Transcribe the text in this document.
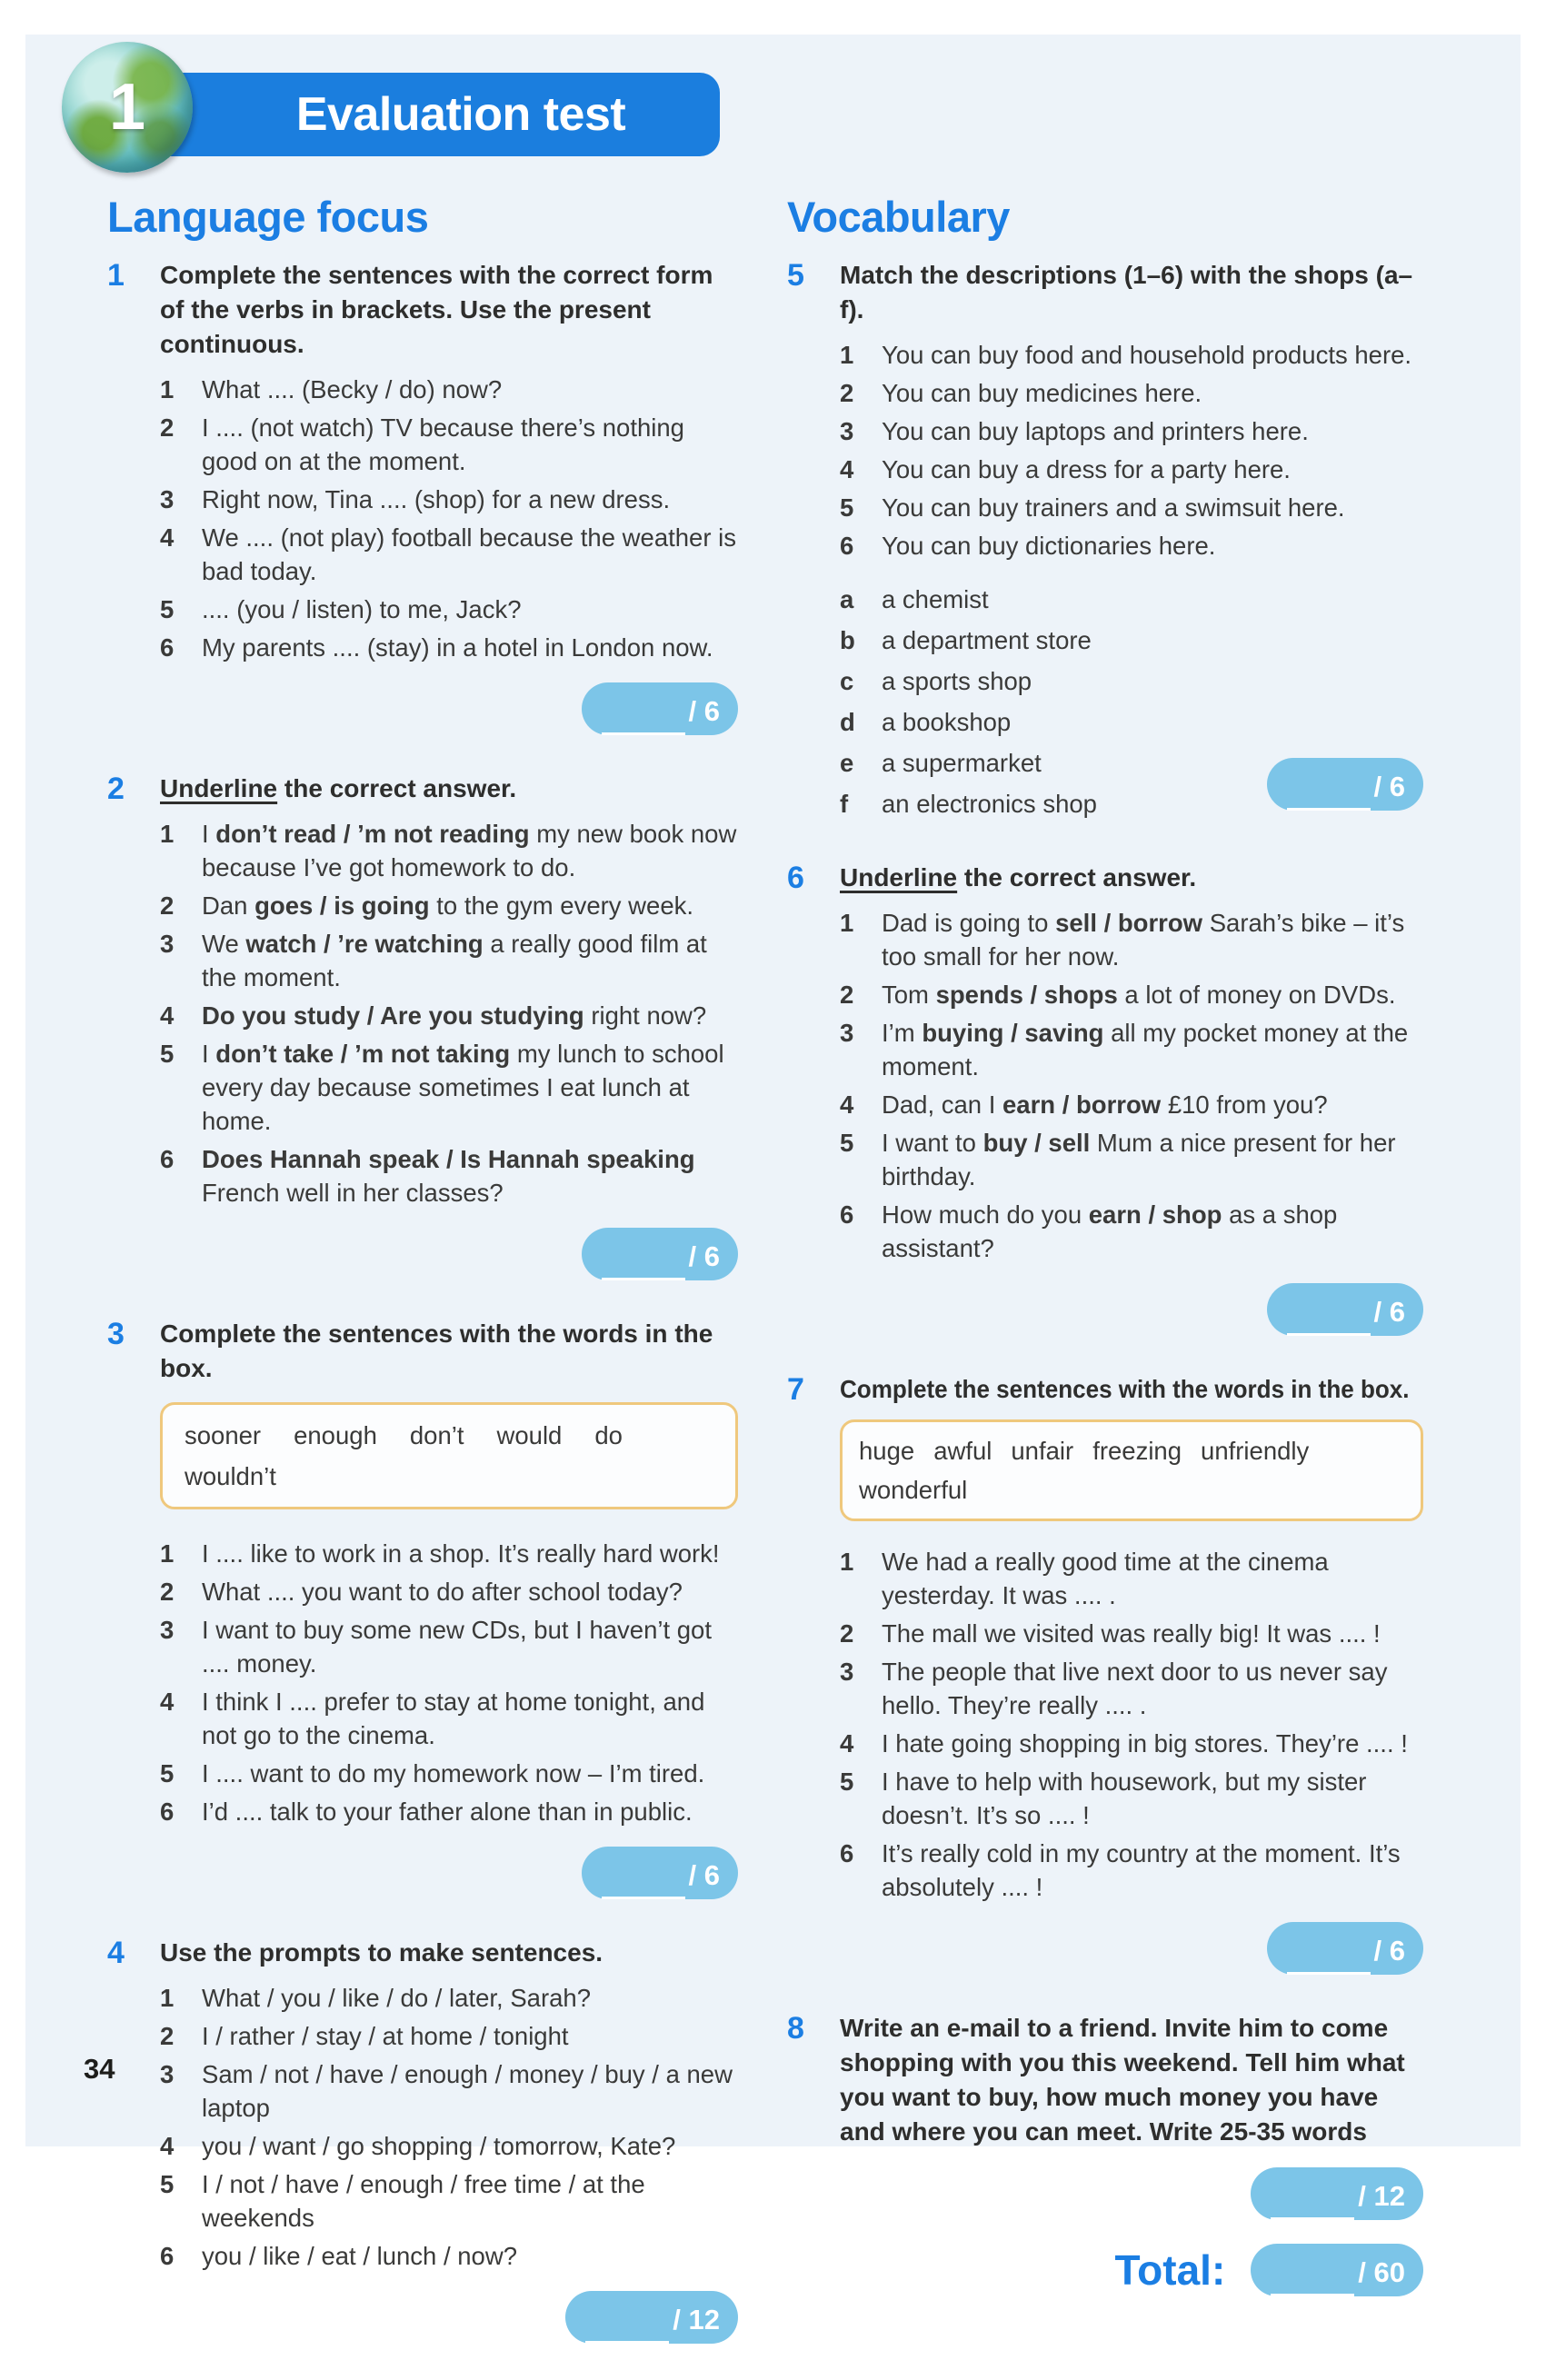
Evaluation test
1
Language focus
1	Complete the sentences with the correct form of the verbs in brackets. Use the present continuous.

1	What .... (Becky / do) now?
2	I .... (not watch) TV because there’s nothing good on at the moment.
3	Right now, Tina .... (shop) for a new dress.
4	We .... (not play) football because the weather is bad today.
5	.... (you / listen) to me, Jack?
6	My parents .... (stay) in a hotel in London now.
/ 6
2	Underline the correct answer.

1	I don’t read / ’m not reading my new book now because I’ve got homework to do.
2	Dan goes / is going to the gym every week.
3	We watch / ’re watching a really good film at the moment.
4	Do you study / Are you studying right now?
5	I don’t take / ’m not taking my lunch to school every day because sometimes I eat lunch at home.
6	Does Hannah speak / Is Hannah speaking French well in her classes?
/ 6
3	Complete the sentences with the words in the box.

sooner enough don’t would do
wouldn’t
1	I .... like to work in a shop. It’s really hard work!
2	What .... you want to do after school today?
3	I want to buy some new CDs, but I haven’t got .... money.
4	I think I .... prefer to stay at home tonight, and not go to the cinema.
5	I .... want to do my homework now – I’m tired.
6	I’d .... talk to your father alone than in public.
/ 6
4	Use the prompts to make sentences.

1	What / you / like / do / later, Sarah?
2	I / rather / stay / at home / tonight
3	Sam / not / have / enough / money / buy / a new laptop
4	you / want / go shopping / tomorrow, Kate?
5	I / not / have / enough / free time / at the weekends
6	you / like / eat / lunch / now?
/ 12
Vocabulary
5	Match the descriptions (1–6) with the shops (a–f).

1	You can buy food and household products here.
2	You can buy medicines here.
3	You can buy laptops and printers here.
4	You can buy a dress for a party here.
5	You can buy trainers and a swimsuit here.
6	You can buy dictionaries here.
a	a chemist
b	a department store
c	a sports shop
d	a bookshop
e	a supermarket
f	an electronics shop
/ 6
6	Underline the correct answer.

1	Dad is going to sell / borrow Sarah’s bike – it’s too small for her now.
2	Tom spends / shops a lot of money on DVDs.
3	I’m buying / saving all my pocket money at the moment.
4	Dad, can I earn / borrow £10 from you?
5	I want to buy / sell Mum a nice present for her birthday.
6	How much do you earn / shop as a shop assistant?
/ 6
7	Complete the sentences with the words in the box.

huge awful unfair freezing unfriendly
wonderful
1	We had a really good time at the cinema yesterday. It was .... .
2	The mall we visited was really big! It was .... !
3	The people that live next door to us never say hello. They’re really .... .
4	I hate going shopping in big stores. They’re .... !
5	I have to help with housework, but my sister doesn’t. It’s so .... !
6	It’s really cold in my country at the moment. It’s absolutely .... !
/ 6
8	Write an e-mail to a friend. Invite him to come shopping with you this weekend. Tell him what you want to buy, how much money you have and where you can meet. Write 25-35 words

/ 12
Total:	/ 60
34
